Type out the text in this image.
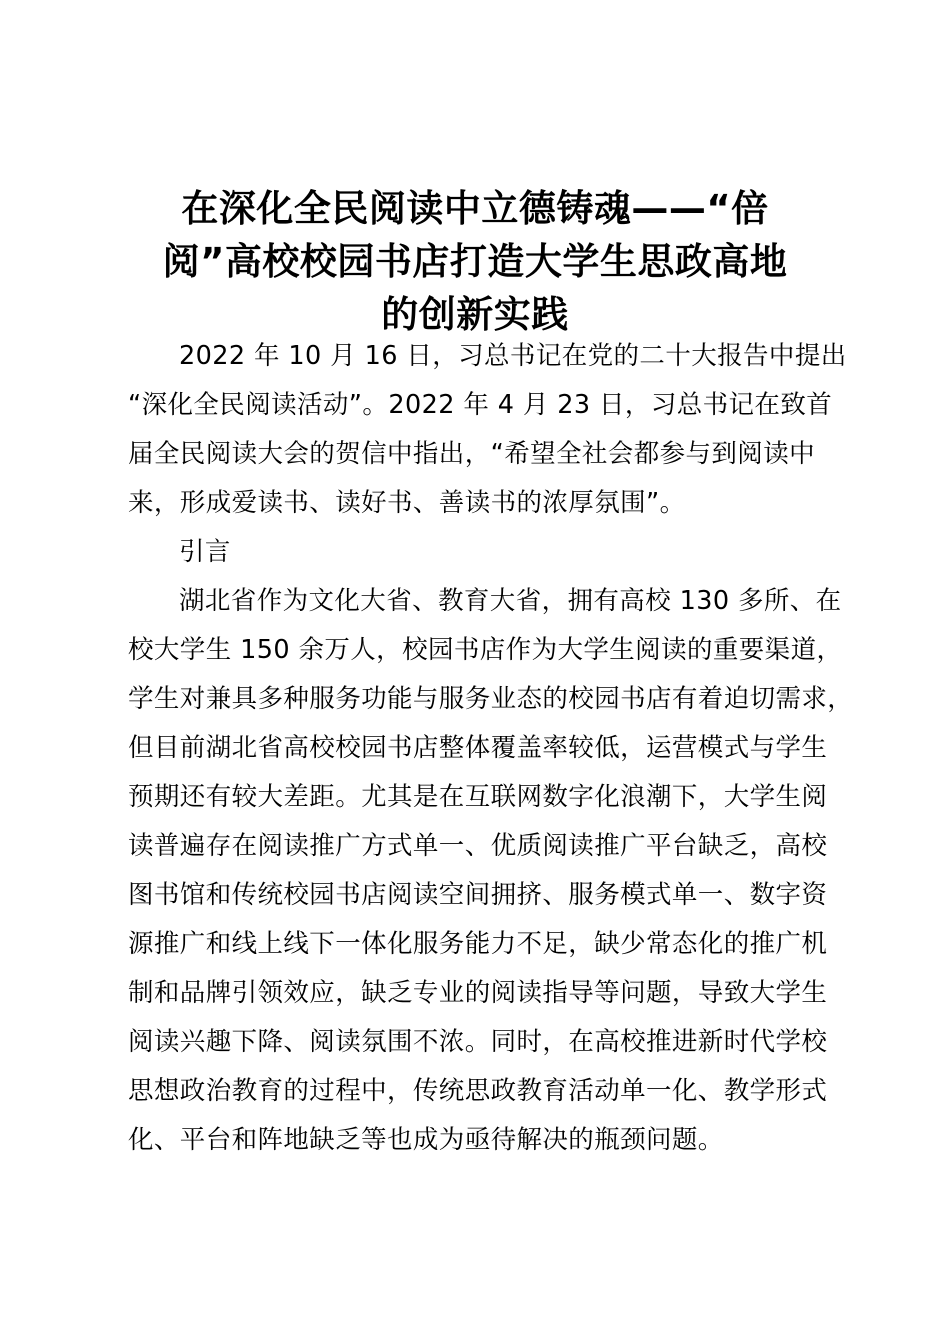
在深化全民阅读中立德铸魂——“倍
阅”高校校园书店打造大学生思政高地
的创新实践
2022 年 10 月 16 日，习总书记在党的二十大报告中提出
“深化全民阅读活动”。2022 年 4 月 23 日，习总书记在致首
届全民阅读大会的贺信中指出，“希望全社会都参与到阅读中
来，形成爱读书、读好书、善读书的浓厚氛围”。
引言
湖北省作为文化大省、教育大省，拥有高校 130 多所、在
校大学生 150 余万人，校园书店作为大学生阅读的重要渠道，
学生对兼具多种服务功能与服务业态的校园书店有着迫切需求，
但目前湖北省高校校园书店整体覆盖率较低，运营模式与学生
预期还有较大差距。尤其是在互联网数字化浪潮下，大学生阅
读普遍存在阅读推广方式单一、优质阅读推广平台缺乏，高校
图书馆和传统校园书店阅读空间拥挤、服务模式单一、数字资
源推广和线上线下一体化服务能力不足，缺少常态化的推广机
制和品牌引领效应，缺乏专业的阅读指导等问题，导致大学生
阅读兴趣下降、阅读氛围不浓。同时，在高校推进新时代学校
思想政治教育的过程中，传统思政教育活动单一化、教学形式
化、平台和阵地缺乏等也成为亟待解决的瓶颈问题。
